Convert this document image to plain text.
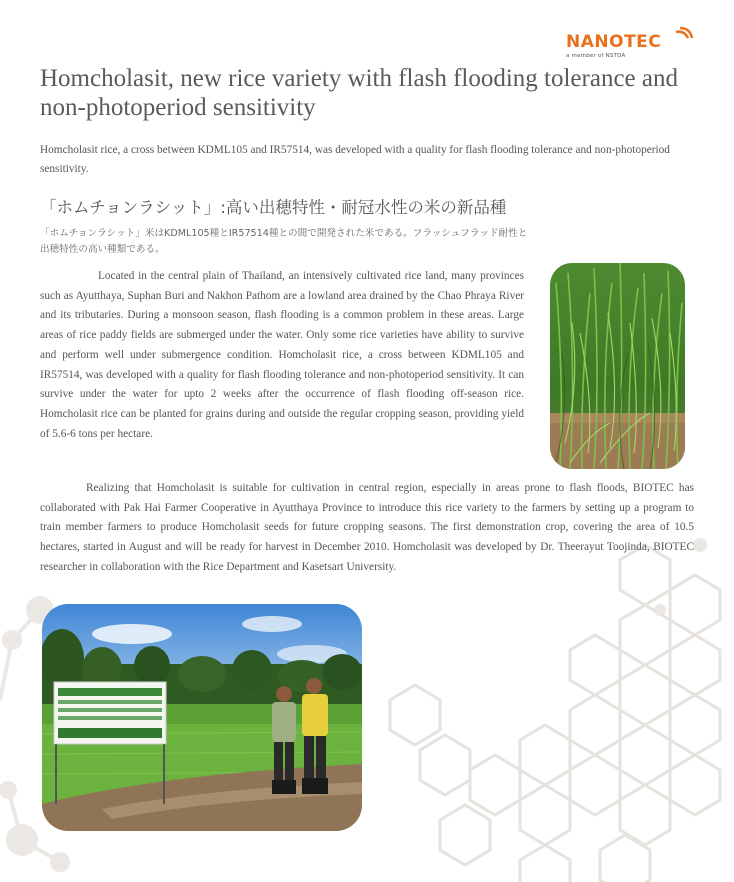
NANOTEC
a member of NSTDA
Homcholasit, new rice variety with flash flooding tolerance and non-photoperiod sensitivity

Homcholasit rice, a cross between KDML105 and IR57514, was developed with a quality for flash flooding tolerance and non-photoperiod sensitivity.

「ホムチョンラシット」:高い出穂特性・耐冠水性の米の新品種

「ホムチョンラシット」米はKDML105種とIR57514種との間で開発された米である。フラッシュフラッド耐性と出穂特性の高い種類である。

Located in the central plain of Thailand, an intensively cultivated rice land, many provinces such as Ayutthaya, Suphan Buri and Nakhon Pathom are a lowland area drained by the Chao Phraya River and its tributaries. During a monsoon season, flash flooding is a common problem in these areas. Large areas of rice paddy fields are submerged under the water. Only some rice varieties have ability to survive and perform well under submergence condition. Homcholasit rice, a cross between KDML105 and IR57514, was developed with a quality for flash flooding tolerance and non-photoperiod sensitivity. It can survive under the water for upto 2 weeks after the occurrence of flash flooding off-season rice. Homcholasit rice can be planted for grains during and outside the regular cropping season, providing yield of 5.6-6 tons per hectare.

Realizing that Homcholasit is suitable for cultivation in central region, especially in areas prone to flash floods, BIOTEC has collaborated with Pak Hai Farmer Cooperative in Ayutthaya Province to introduce this rice variety to the farmers by setting up a program to train member farmers to produce Homcholasit seeds for future cropping seasons. The first demonstration crop, covering the area of 10.5 hectares, started in August and will be ready for harvest in December 2010. Homcholasit was developed by Dr. Theerayut Toojinda, BIOTEC researcher in collaboration with the Rice Department and Kasetsart University.
